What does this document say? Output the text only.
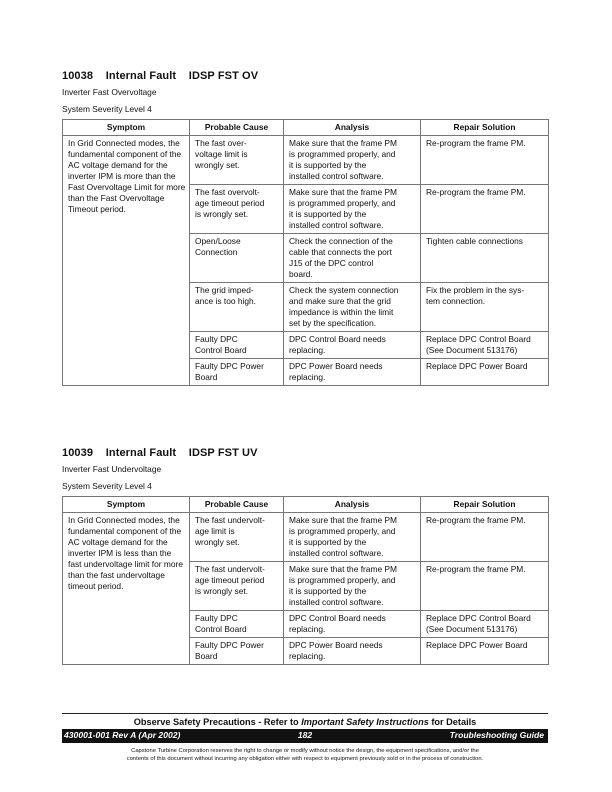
10038    Internal Fault    IDSP FST OV
Inverter Fast Overvoltage
System Severity Level 4
Symptom	Probable Cause	Analysis	Repair Solution
In Grid Connected modes, the fundamental component of the AC voltage demand for the inverter IPM is more than the Fast Overvoltage Limit for more than the Fast Overvoltage Timeout period.	The fast over-
voltage limit is
wrongly set.	Make sure that the frame PM
is programmed properly, and
it is supported by the
installed control software.	Re-program the frame PM.
	The fast overvolt-
age timeout period
is wrongly set.	Make sure that the frame PM
is programmed properly, and
it is supported by the
installed control software.	Re-program the frame PM.
	Open/Loose
Connection	Check the connection of the
cable that connects the port
J15 of the DPC control
board.	Tighten cable connections
	The grid imped-
ance is too high.	Check the system connection
and make sure that the grid
impedance is within the limit
set by the specification.	Fix the problem in the sys-
tem connection.
	Faulty DPC
Control Board	DPC Control Board needs
replacing.	Replace DPC Control Board
(See Document 513176)
	Faulty DPC Power
Board	DPC Power Board needs
replacing.	Replace DPC Power Board
10039    Internal Fault    IDSP FST UV
Inverter Fast Undervoltage
System Severity Level 4
Symptom	Probable Cause	Analysis	Repair Solution
In Grid Connected modes, the fundamental component of the AC voltage demand for the inverter IPM is less than the fast undervoltage limit for more than the fast undervoltage timeout period.	The fast undervolt-
age limit is
wrongly set.	Make sure that the frame PM
is programmed properly, and
it is supported by the
installed control software.	Re-program the frame PM.
	The fast undervolt-
age timeout period
is wrongly set.	Make sure that the frame PM
is programmed properly, and
it is supported by the
installed control software.	Re-program the frame PM.
	Faulty DPC
Control Board	DPC Control Board needs
replacing.	Replace DPC Control Board
(See Document 513176)
	Faulty DPC Power
Board	DPC Power Board needs
replacing.	Replace DPC Power Board
Observe Safety Precautions - Refer to Important Safety Instructions for Details
182
430001-001 Rev A (Apr 2002)	Troubleshooting Guide
Capstone Turbine Corporation reserves the right to change or modify without notice the design, the equipment specifications, and/or the
contents of this document without incurring any obligation either with respect to equipment previously sold or in the process of construction.
